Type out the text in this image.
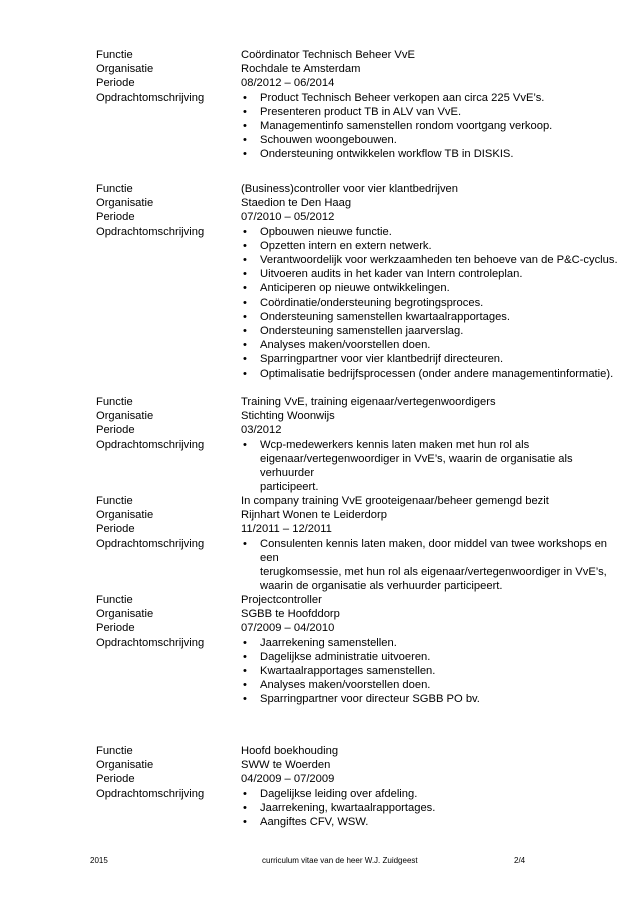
Functie	Coördinator Technisch Beheer VvE
Organisatie	Rochdale te Amsterdam
Periode	08/2012 – 06/2014
Opdrachtomschrijving	• Product Technisch Beheer verkopen aan circa 225 VvE’s.
• Presenteren product TB in ALV van VvE.
• Managementinfo samenstellen rondom voortgang verkoop.
• Schouwen woongebouwen.
• Ondersteuning ontwikkelen workflow TB in DISKIS.
Functie	(Business)controller voor vier klantbedrijven
Organisatie	Staedion te Den Haag
Periode	07/2010 – 05/2012
Opdrachtomschrijving	• Opbouwen nieuwe functie.
• Opzetten intern en extern netwerk.
• Verantwoordelijk voor werkzaamheden ten behoeve van de P&C-cyclus.
• Uitvoeren audits in het kader van Intern controleplan.
• Anticiperen op nieuwe ontwikkelingen.
• Coördinatie/ondersteuning begrotingsproces.
• Ondersteuning samenstellen kwartaalrapportages.
• Ondersteuning samenstellen jaarverslag.
• Analyses maken/voorstellen doen.
• Sparringpartner voor vier klantbedrijf directeuren.
• Optimalisatie bedrijfsprocessen (onder andere managementinformatie).
Functie	Training VvE, training eigenaar/vertegenwoordigers
Organisatie	Stichting Woonwijs
Periode	03/2012
Opdrachtomschrijving	• Wcp-medewerkers kennis laten maken met hun rol als
eigenaar/vertegenwoordiger in VvE’s, waarin de organisatie als verhuurder
participeert.
Functie	In company training VvE grooteigenaar/beheer gemengd bezit
Organisatie	Rijnhart Wonen te Leiderdorp
Periode	11/2011 – 12/2011
Opdrachtomschrijving	• Consulenten kennis laten maken, door middel van twee workshops en een
terugkomsessie, met hun rol als eigenaar/vertegenwoordiger in VvE’s,
waarin de organisatie als verhuurder participeert.
Functie	Projectcontroller
Organisatie	SGBB te Hoofddorp
Periode	07/2009 – 04/2010
Opdrachtomschrijving	• Jaarrekening samenstellen.
• Dagelijkse administratie uitvoeren.
• Kwartaalrapportages samenstellen.
• Analyses maken/voorstellen doen.
• Sparringpartner voor directeur SGBB PO bv.
Functie	Hoofd boekhouding
Organisatie	SWW te Woerden
Periode	04/2009 – 07/2009
Opdrachtomschrijving	• Dagelijkse leiding over afdeling.
• Jaarrekening, kwartaalrapportages.
• Aangiftes CFV, WSW.
2015	curriculum vitae van de heer W.J. Zuidgeest	2/4
